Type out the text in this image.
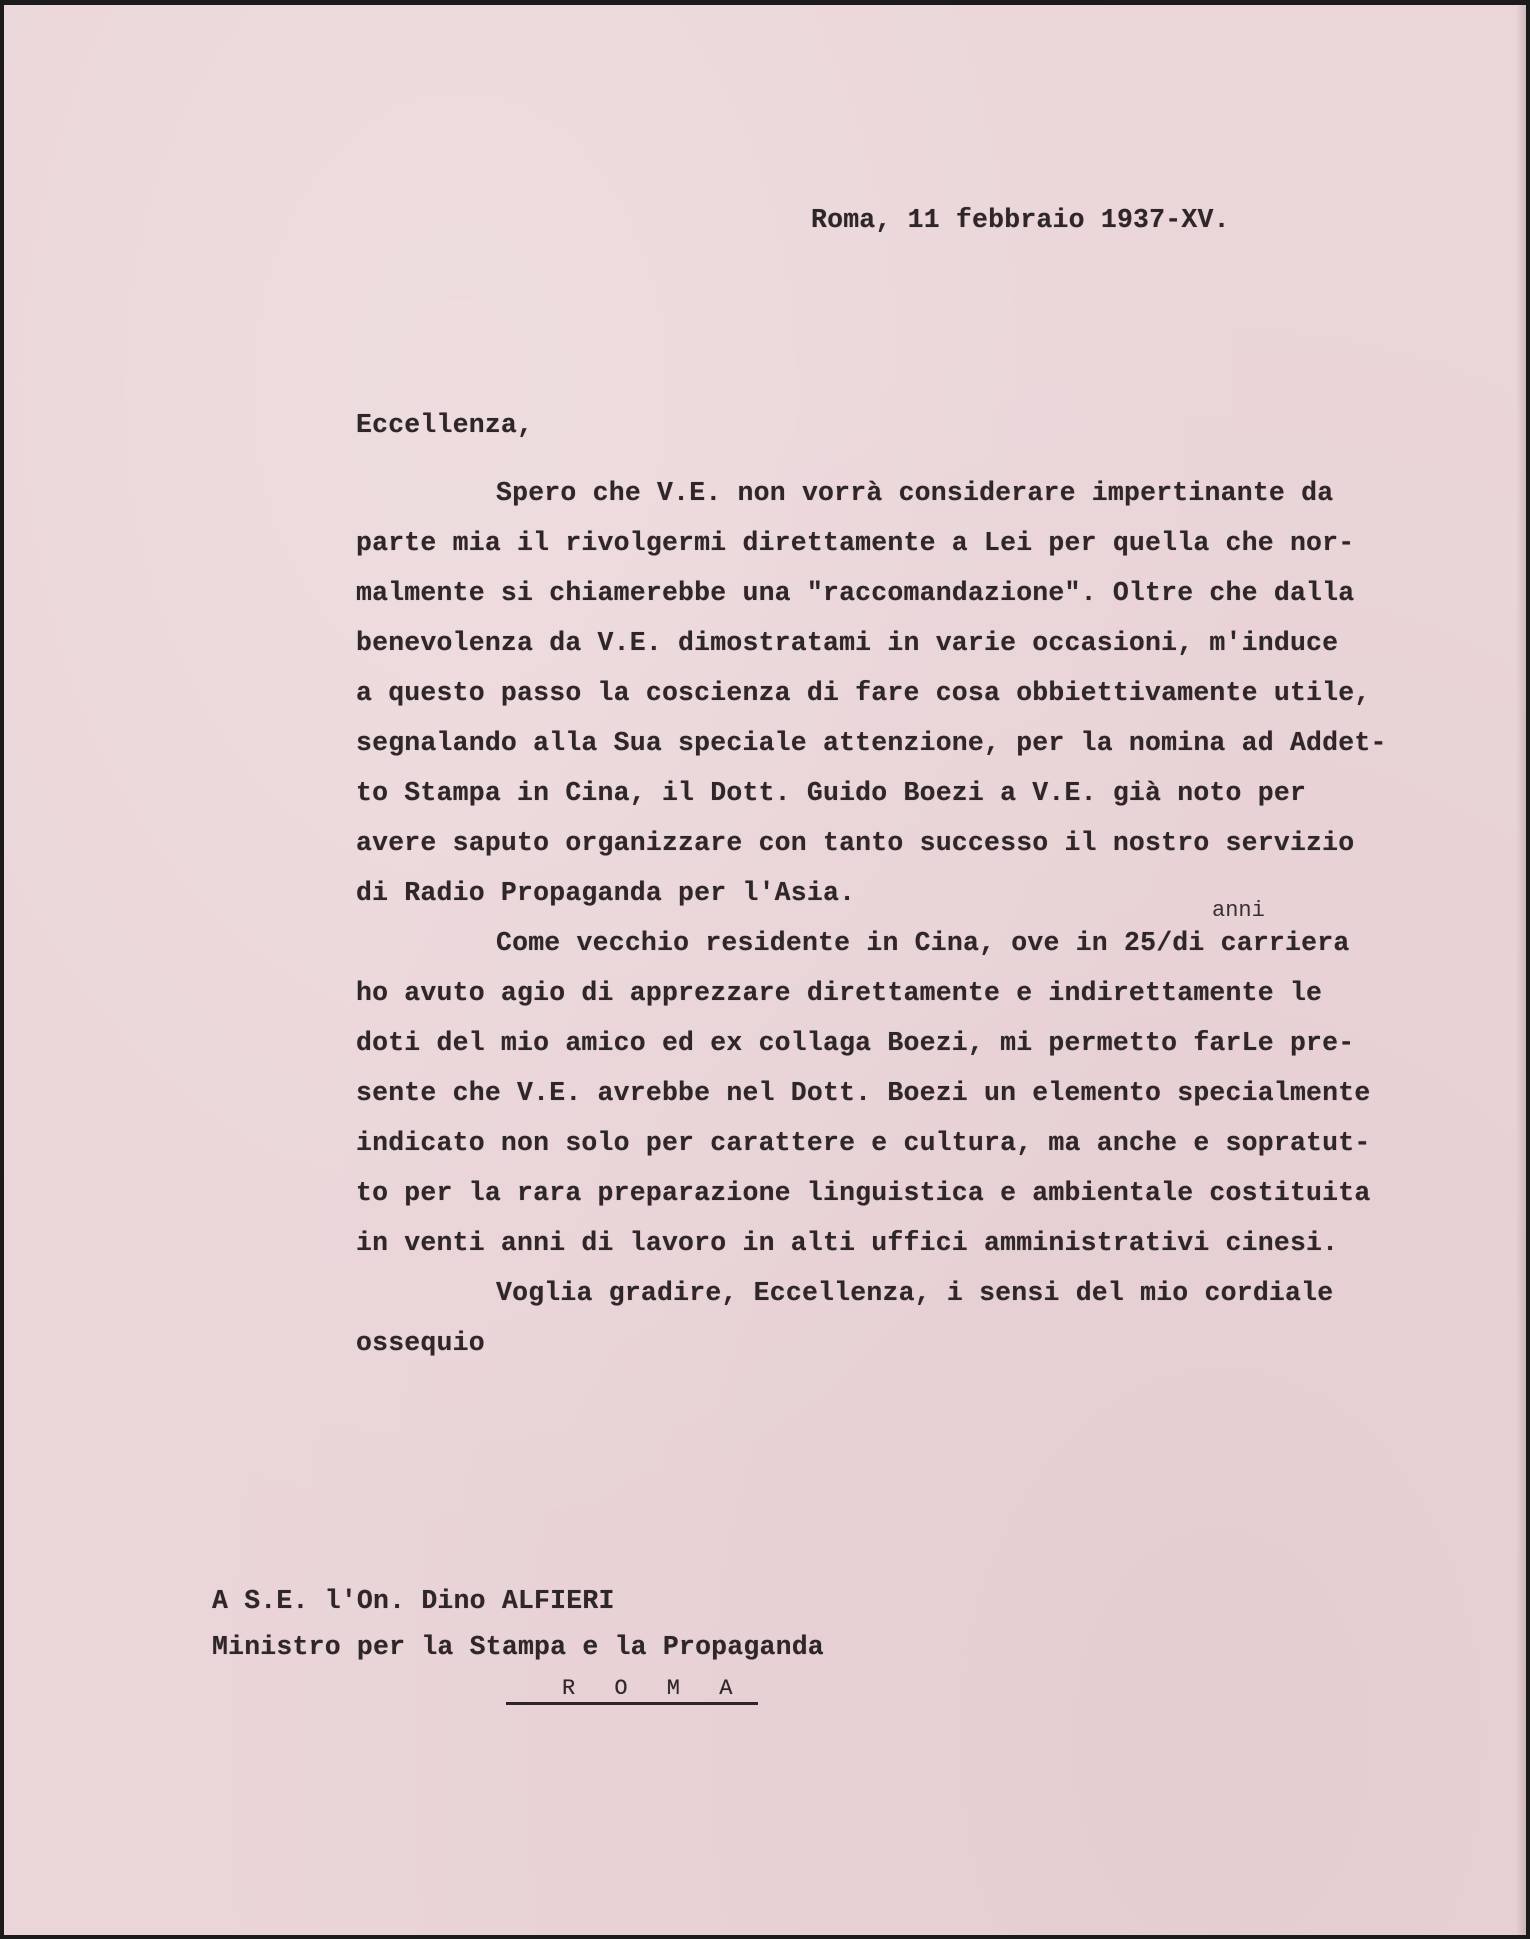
Roma, 11 febbraio 1937-XV.
Eccellenza,
Spero che V.E. non vorrà considerare impertinante da
parte mia il rivolgermi direttamente a Lei per quella che nor-
malmente si chiamerebbe una "raccomandazione". Oltre che dalla
benevolenza da V.E. dimostratami in varie occasioni, m'induce
a questo passo la coscienza di fare cosa obbiettivamente utile,
segnalando alla Sua speciale attenzione, per la nomina ad Addet-
to Stampa in Cina, il Dott. Guido Boezi a V.E. già noto per
avere saputo organizzare con tanto successo il nostro servizio
di Radio Propaganda per l'Asia.
anni
Come vecchio residente in Cina, ove in 25/di carriera
ho avuto agio di apprezzare direttamente e indirettamente le
doti del mio amico ed ex collaga Boezi, mi permetto farLe pre-
sente che V.E. avrebbe nel Dott. Boezi un elemento specialmente
indicato non solo per carattere e cultura, ma anche e sopratut-
to per la rara preparazione linguistica e ambientale costituita
in venti anni di lavoro in alti uffici amministrativi cinesi.
Voglia gradire, Eccellenza, i sensi del mio cordiale
ossequio
A S.E. l'On. Dino ALFIERI
Ministro per la Stampa e la Propaganda
R O M A
